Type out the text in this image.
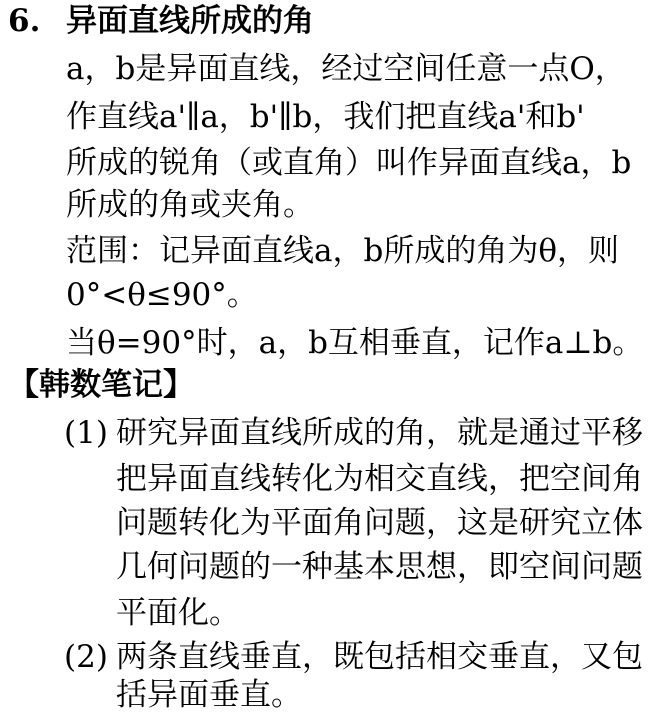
6. 异面直线所成的角
a，b是异面直线，经过空间任意一点O，
作直线a'∥a，b'∥b，我们把直线a'和b'
所成的锐角（或直角）叫作异面直线a，b
所成的角或夹角。
范围：记异面直线a，b所成的角为θ，则
0°<θ≤90°。
当θ=90°时，a，b互相垂直，记作a⊥b。
【韩数笔记】
(1) 研究异面直线所成的角，就是通过平移
把异面直线转化为相交直线，把空间角
问题转化为平面角问题，这是研究立体
几何问题的一种基本思想，即空间问题
平面化。
(2) 两条直线垂直，既包括相交垂直，又包
括异面垂直。
